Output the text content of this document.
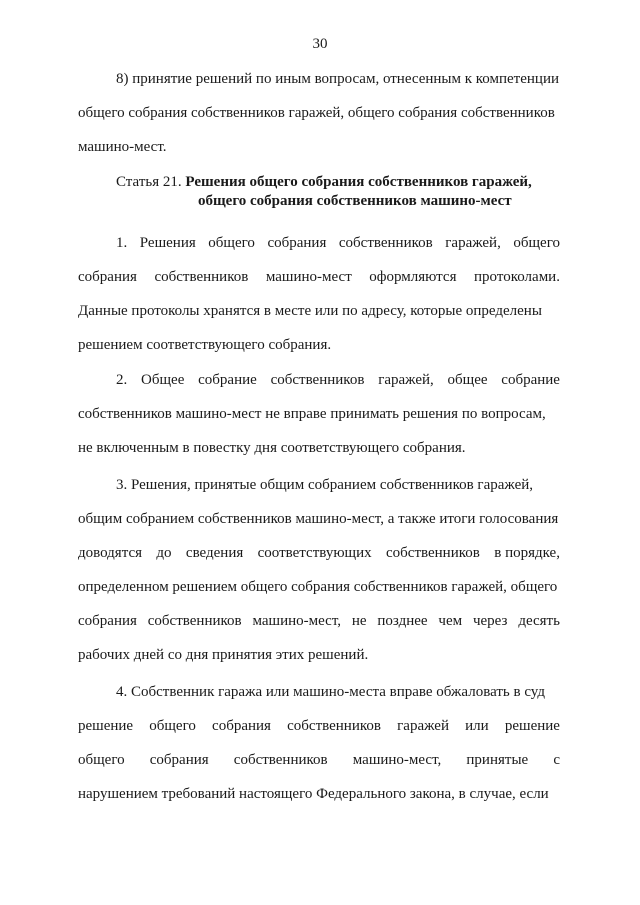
30
8) принятие решений по иным вопросам, отнесенным к компетенции
общего собрания собственников гаражей, общего собрания собственников
машино-мест.
Статья 21. Решения общего собрания собственников гаражей,
общего собрания собственников машино-мест
1. Решения общего собрания собственников гаражей, общего
собрания собственников машино-мест оформляются протоколами.
Данные протоколы хранятся в месте или по адресу, которые определены
решением соответствующего собрания.
2. Общее собрание собственников гаражей, общее собрание
собственников машино-мест не вправе принимать решения по вопросам,
не включенным в повестку дня соответствующего собрания.
3. Решения, принятые общим собранием собственников гаражей,
общим собранием собственников машино-мест, а также итоги голосования
доводятся до сведения соответствующих собственников в порядке,
определенном решением общего собрания собственников гаражей, общего
собрания собственников машино-мест, не позднее чем через десять
рабочих дней со дня принятия этих решений.
4. Собственник гаража или машино-места вправе обжаловать в суд
решение общего собрания собственников гаражей или решение
общего собрания собственников машино-мест, принятые с
нарушением требований настоящего Федерального закона, в случае, если
